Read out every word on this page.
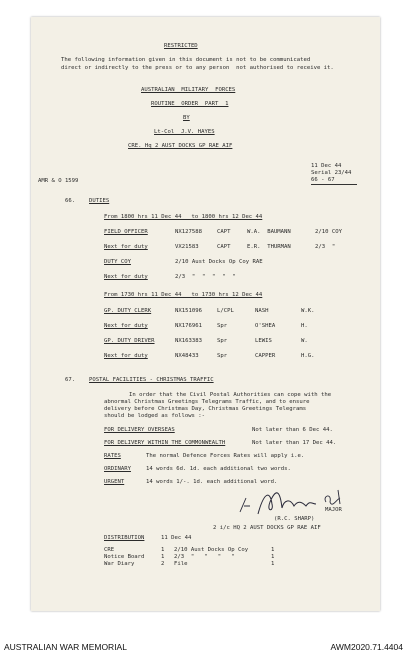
RESTRICTED
The following information given in this document is not to be communicated
direct or indirectly to the press or to any person  not authorised to receive it.
AUSTRALIAN  MILITARY  FORCES
ROUTINE  ORDER  PART  1
BY
Lt-Col  J.V. HAYES
CRE. Hq 2 AUST DOCKS GP RAE AIF
11 Dec 44
Serial 23/44
66 - 67
AMR & O 1599
66. DUTIES
From 1800 hrs 11 Dec 44   to 1800 hrs 12 Dec 44
FIELD OFFICER	NX127588	CAPT	W.A.  BAUMANN	2/10 COY
Next for duty	VX21583	CAPT	E.R.  THURMAN	2/3  "
DUTY COY	2/10 Aust Docks Op Coy RAE
Next for duty	2/3  "  "  "  "  "
From 1730 hrs 11 Dec 44   to 1730 hrs 12 Dec 44
GP. DUTY CLERK	NX151096	L/CPL	NASH	W.K.
Next for duty	NX176961	Spr	O'SHEA	H.
GP. DUTY DRIVER	NX163383	Spr	LEWIS	W.
Next for duty	NX48433	Spr	CAPPER	H.G.
67. POSTAL FACILITIES - CHRISTMAS TRAFFIC
In order that the Civil Postal Authorities can cope with the
abnormal Christmas Greetings Telegrams Traffic, and to ensure
delivery before Christmas Day, Christmas Greetings Telegrams
should be lodged as follows :-
FOR DELIVERY OVERSEAS	Not later than 6 Dec 44.
FOR DELIVERY WITHIN THE COMMONWEALTH	Not later than 17 Dec 44.
RATES	The normal Defence Forces Rates will apply i.e.
ORDINARY	14 words 6d. 1d. each additional two words.
URGENT	14 words 1/-. 1d. each additional word.
(R.C. SHARP)
MAJOR
2 i/c HQ 2 AUST DOCKS GP RAE AIF
DISTRIBUTION	11 Dec 44
CRE	1 2/10 Aust Docks Op Coy	1
Notice Board	1 2/3  "   "   "   "	1
War Diary	2 File	1
AUSTRALIAN WAR MEMORIAL	AWM2020.71.4404
